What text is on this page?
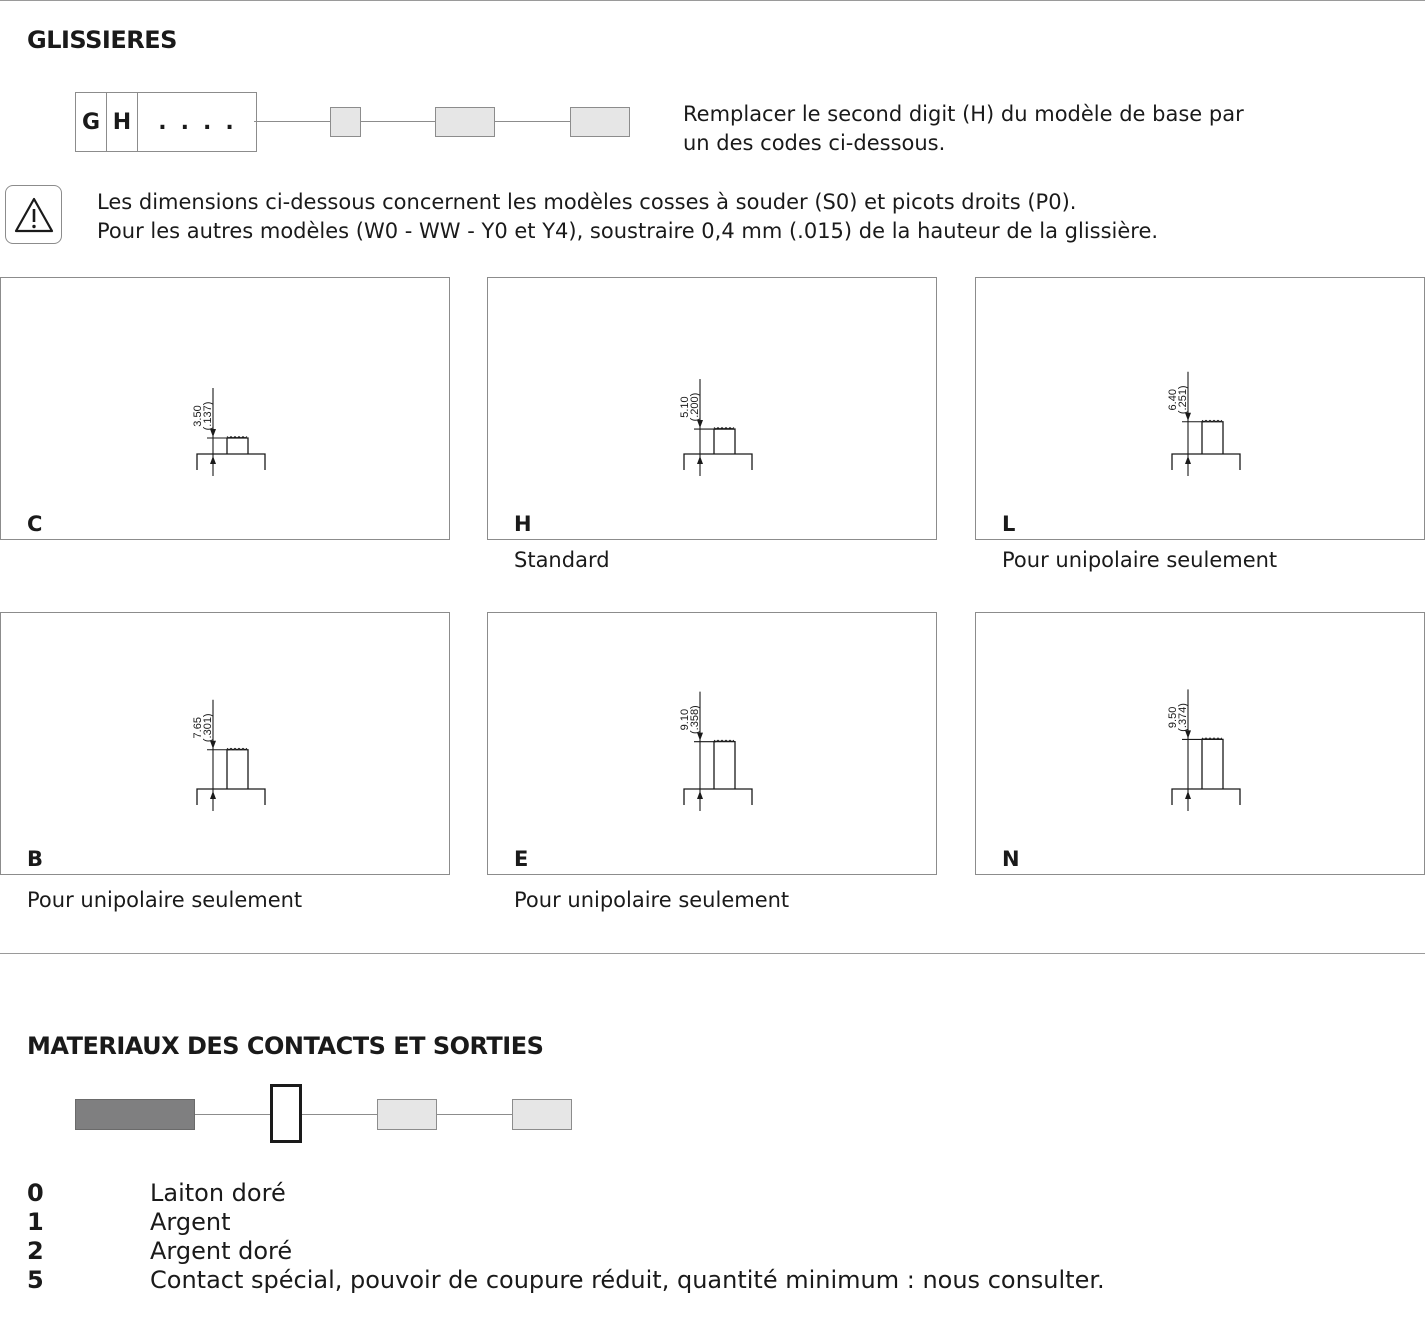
GLISSIERES
G H	....	Remplacer le second digit (H) du modèle de base par
un des codes ci-dessous.
Les dimensions ci-dessous concernent les modèles cosses à souder (S0) et picots droits (P0).
Pour les autres modèles (W0 - WW - Y0 et Y4), soustraire 0,4 mm (.015) de la hauteur de la glissière.
3.50
(.137)
C
5.10
(.200)
H
Standard
6.40
(.251)
L
Pour unipolaire seulement
7.65
(.301)
B
Pour unipolaire seulement
9.10
(.358)
E
Pour unipolaire seulement
9.50
(.374)
N
MATERIAUX DES CONTACTS ET SORTIES
0	Laiton doré
1	Argent
2	Argent doré
5	Contact spécial, pouvoir de coupure réduit, quantité minimum : nous consulter.
